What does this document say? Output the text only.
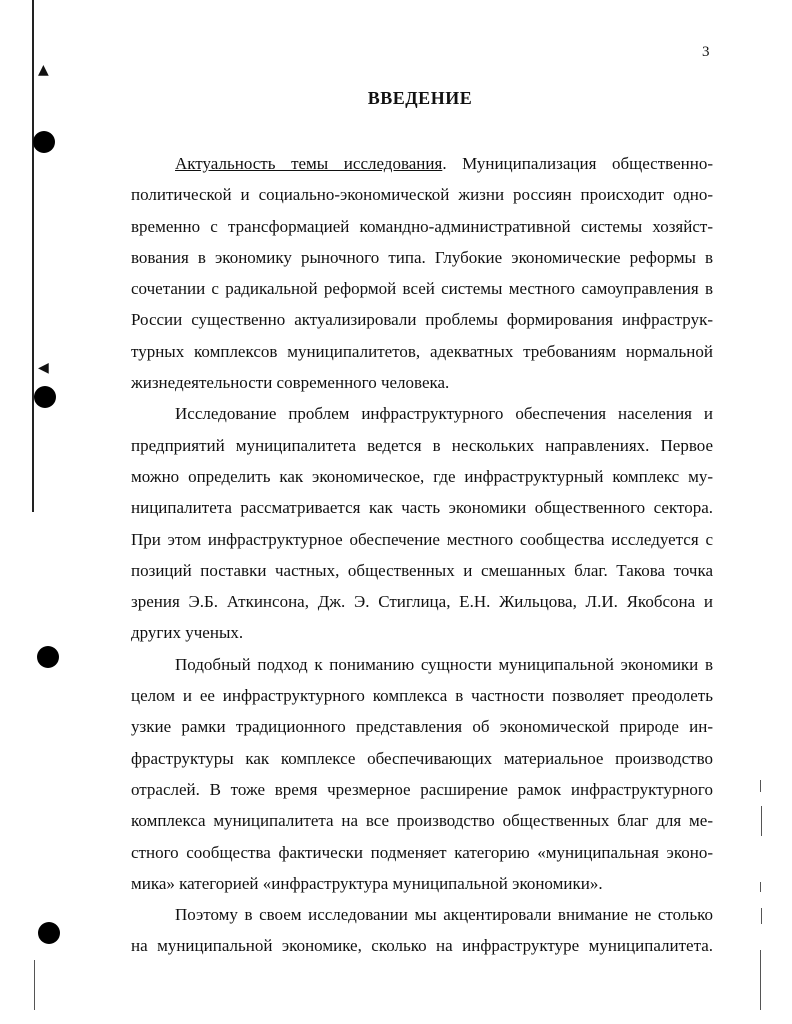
▲
◀
3
ВВЕДЕНИЕ
Актуальность темы исследования. Муниципализация общественно-
политической и социально-экономической жизни россиян происходит одно-
временно с трансформацией командно-административной системы хозяйст-
вования в экономику рыночного типа. Глубокие экономические реформы в
сочетании с радикальной реформой всей системы местного самоуправления в
России существенно актуализировали проблемы формирования инфраструк-
турных комплексов муниципалитетов, адекватных требованиям нормальной
жизнедеятельности современного человека.
Исследование проблем инфраструктурного обеспечения населения и
предприятий муниципалитета ведется в нескольких направлениях. Первое
можно определить как экономическое, где инфраструктурный комплекс му-
ниципалитета рассматривается как часть экономики общественного сектора.
При этом инфраструктурное обеспечение местного сообщества исследуется с
позиций поставки частных, общественных и смешанных благ. Такова точка
зрения Э.Б. Аткинсона, Дж. Э. Стиглица, Е.Н. Жильцова, Л.И. Якобсона и
других ученых.
Подобный подход к пониманию сущности муниципальной экономики в
целом и ее инфраструктурного комплекса в частности позволяет преодолеть
узкие рамки традиционного представления об экономической природе ин-
фраструктуры как комплексе обеспечивающих материальное производство
отраслей. В тоже время чрезмерное расширение рамок инфраструктурного
комплекса муниципалитета на все производство общественных благ для ме-
стного сообщества фактически подменяет категорию «муниципальная эконо-
мика» категорией «инфраструктура муниципальной экономики».
Поэтому в своем исследовании мы акцентировали внимание не столько
на муниципальной экономике, сколько на инфраструктуре муниципалитета.
